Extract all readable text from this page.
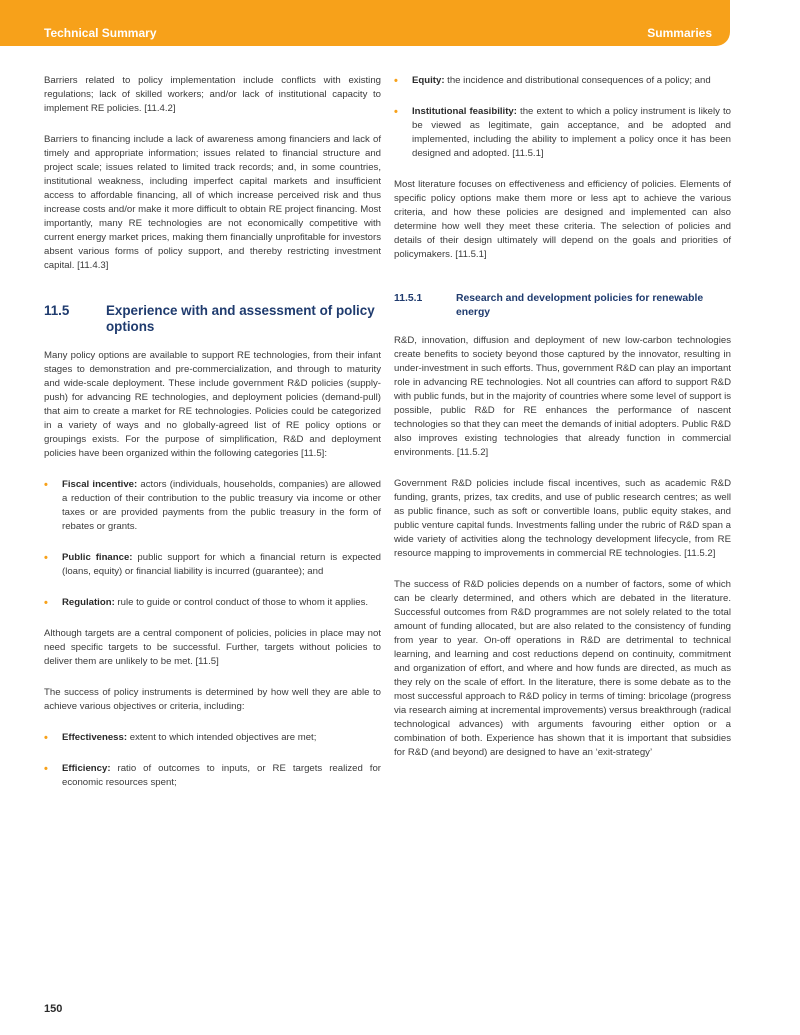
Technical Summary	Summaries

Barriers related to policy implementation include conflicts with existing regulations; lack of skilled workers; and/or lack of institutional capacity to implement RE policies. [11.4.2]

Barriers to financing include a lack of awareness among financiers and lack of timely and appropriate information; issues related to financial structure and project scale; issues related to limited track records; and, in some countries, institutional weakness, including imperfect capital markets and insufficient access to affordable financing, all of which increase perceived risk and thus increase costs and/or make it more difficult to obtain RE project financing. Most importantly, many RE technologies are not economically competitive with current energy market prices, making them financially unprofitable for investors absent various forms of policy support, and thereby restricting investment capital. [11.4.3]

11.5	Experience with and assessment of policy options

Many policy options are available to support RE technologies, from their infant stages to demonstration and pre-commercialization, and through to maturity and wide-scale deployment. These include government R&D policies (supply-push) for advancing RE technologies, and deployment policies (demand-pull) that aim to create a market for RE technologies. Policies could be categorized in a variety of ways and no globally-agreed list of RE policy options or groupings exists. For the purpose of simplification, R&D and deployment policies have been organized within the following categories [11.5]:

• Fiscal incentive: actors (individuals, households, companies) are allowed a reduction of their contribution to the public treasury via income or other taxes or are provided payments from the public treasury in the form of rebates or grants.
• Public finance: public support for which a financial return is expected (loans, equity) or financial liability is incurred (guarantee); and
• Regulation: rule to guide or control conduct of those to whom it applies.

Although targets are a central component of policies, policies in place may not need specific targets to be successful. Further, targets without policies to deliver them are unlikely to be met. [11.5]

The success of policy instruments is determined by how well they are able to achieve various objectives or criteria, including:

• Effectiveness: extent to which intended objectives are met;
• Efficiency: ratio of outcomes to inputs, or RE targets realized for economic resources spent;
• Equity: the incidence and distributional consequences of a policy; and
• Institutional feasibility: the extent to which a policy instrument is likely to be viewed as legitimate, gain acceptance, and be adopted and implemented, including the ability to implement a policy once it has been designed and adopted. [11.5.1]

Most literature focuses on effectiveness and efficiency of policies. Elements of specific policy options make them more or less apt to achieve the various criteria, and how these policies are designed and implemented can also determine how well they meet these criteria. The selection of policies and details of their design ultimately will depend on the goals and priorities of policymakers. [11.5.1]

11.5.1	Research and development policies for renewable energy

R&D, innovation, diffusion and deployment of new low-carbon technologies create benefits to society beyond those captured by the innovator, resulting in under-investment in such efforts. Thus, government R&D can play an important role in advancing RE technologies. Not all countries can afford to support R&D with public funds, but in the majority of countries where some level of support is possible, public R&D for RE enhances the performance of nascent technologies so that they can meet the demands of initial adopters. Public R&D also improves existing technologies that already function in commercial environments. [11.5.2]

Government R&D policies include fiscal incentives, such as academic R&D funding, grants, prizes, tax credits, and use of public research centres; as well as public finance, such as soft or convertible loans, public equity stakes, and public venture capital funds. Investments falling under the rubric of R&D span a wide variety of activities along the technology development lifecycle, from RE resource mapping to improvements in commercial RE technologies. [11.5.2]

The success of R&D policies depends on a number of factors, some of which can be clearly determined, and others which are debated in the literature. Successful outcomes from R&D programmes are not solely related to the total amount of funding allocated, but are also related to the consistency of funding from year to year. On-off operations in R&D are detrimental to technical learning, and learning and cost reductions depend on continuity, commitment and organization of effort, and where and how funds are directed, as much as they rely on the scale of effort. In the literature, there is some debate as to the most successful approach to R&D policy in terms of timing: bricolage (progress via research aiming at incremental improvements) versus breakthrough (radical technological advances) with arguments favouring either option or a combination of both. Experience has shown that it is important that subsidies for R&D (and beyond) are designed to have an ‘exit-strategy’

150
